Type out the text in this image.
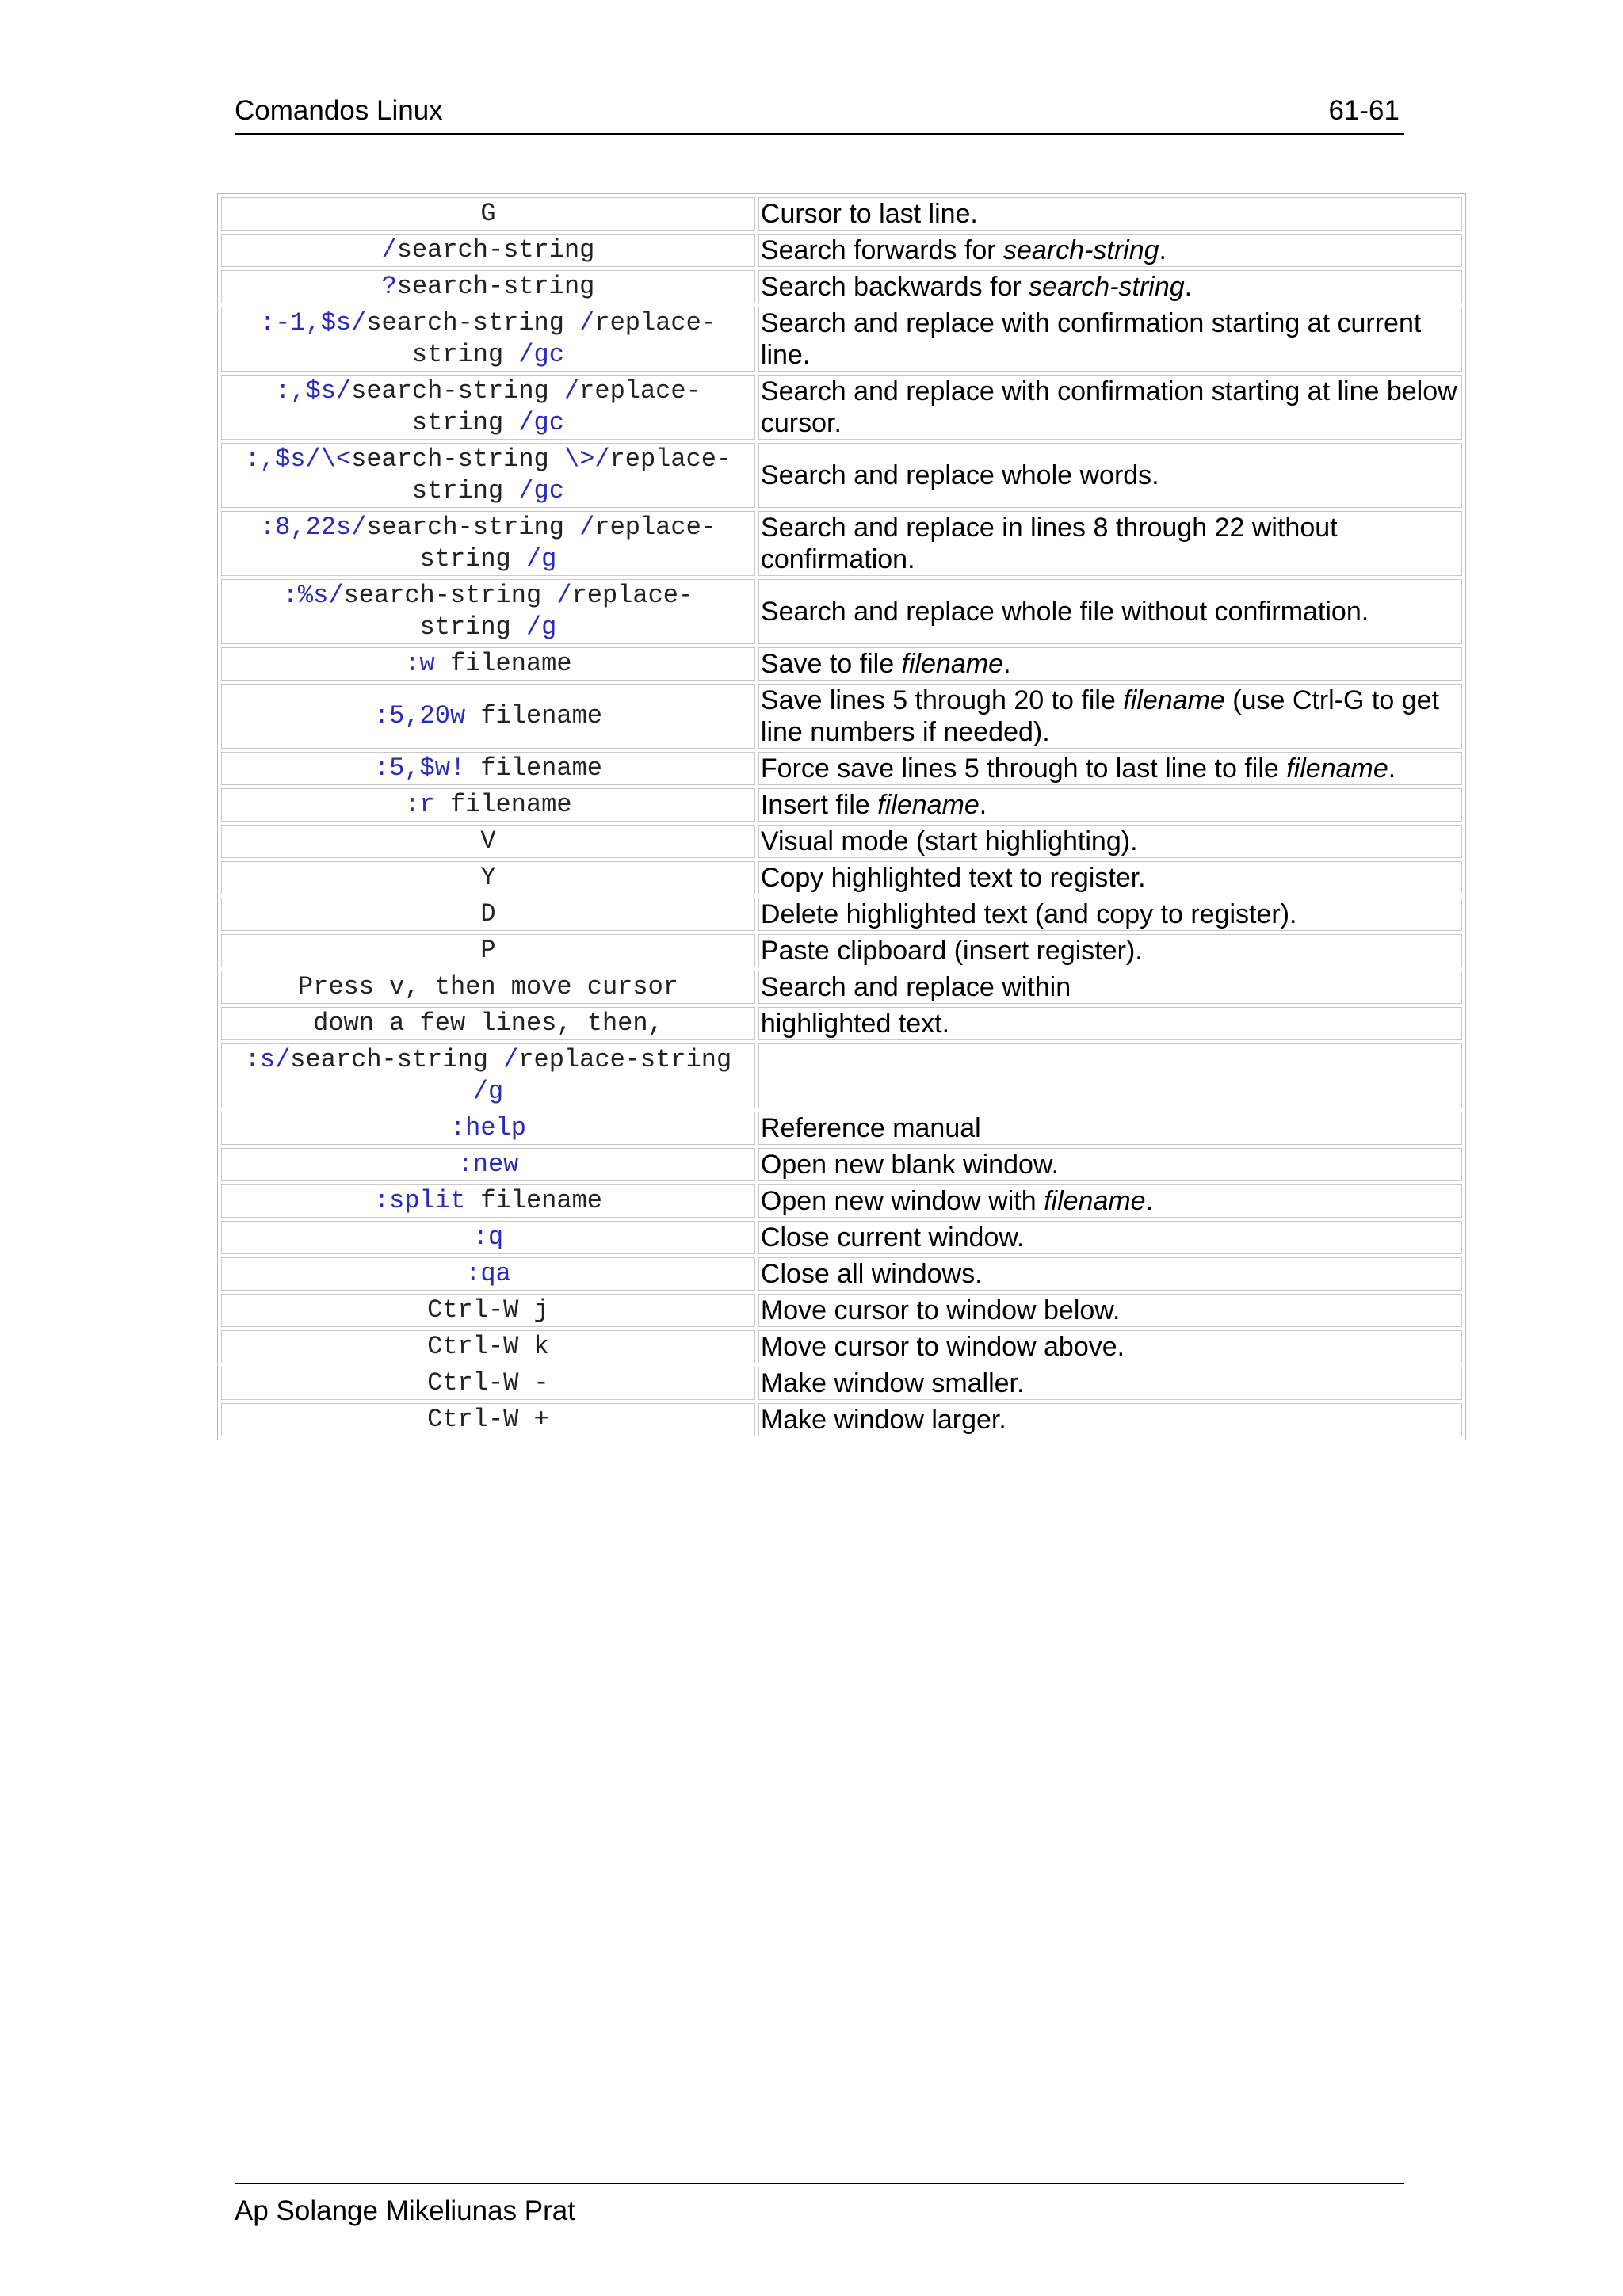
Comandos Linux	61-61
G	Cursor to last line.
/search-string	Search forwards for search-string.
?search-string	Search backwards for search-string.
:-1,$s/search-string /replace-
string /gc	Search and replace with confirmation starting at current line.
:,$s/search-string /replace-
string /gc	Search and replace with confirmation starting at line below cursor.
:,$s/\<search-string \>/replace-
string /gc	Search and replace whole words.
:8,22s/search-string /replace-
string /g	Search and replace in lines 8 through 22 without confirmation.
:%s/search-string /replace-
string /g	Search and replace whole file without confirmation.
:w filename	Save to file filename.
:5,20w filename	Save lines 5 through 20 to file filename (use Ctrl-G to get line numbers if needed).
:5,$w! filename	Force save lines 5 through to last line to file filename.
:r filename	Insert file filename.
V	Visual mode (start highlighting).
Y	Copy highlighted text to register.
D	Delete highlighted text (and copy to register).
P	Paste clipboard (insert register).
Press v, then move cursor	Search and replace within
down a few lines, then,	highlighted text.
:s/search-string /replace-string
/g	
:help	Reference manual
:new	Open new blank window.
:split filename	Open new window with filename.
:q	Close current window.
:qa	Close all windows.
Ctrl-W j	Move cursor to window below.
Ctrl-W k	Move cursor to window above.
Ctrl-W -	Make window smaller.
Ctrl-W +	Make window larger.
Ap Solange Mikeliunas Prat
